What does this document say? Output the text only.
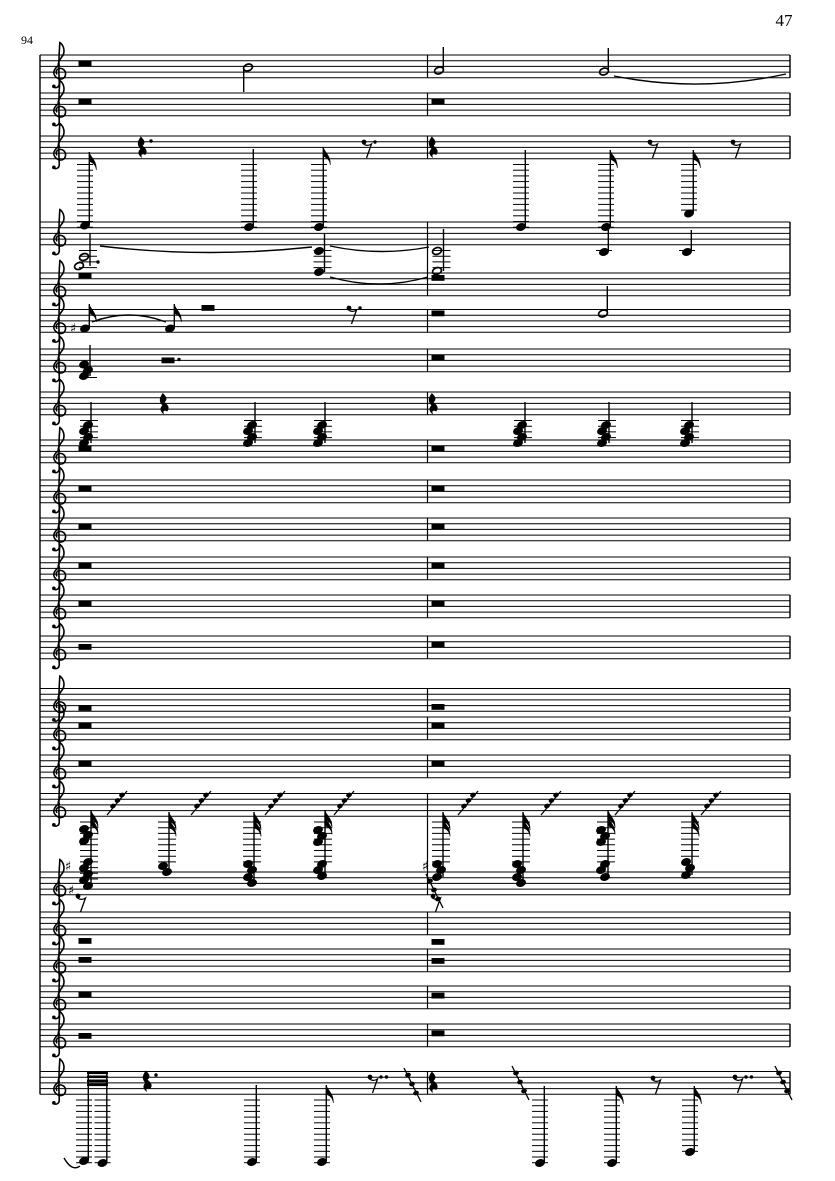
47
94
♯
♯
♯
♯
